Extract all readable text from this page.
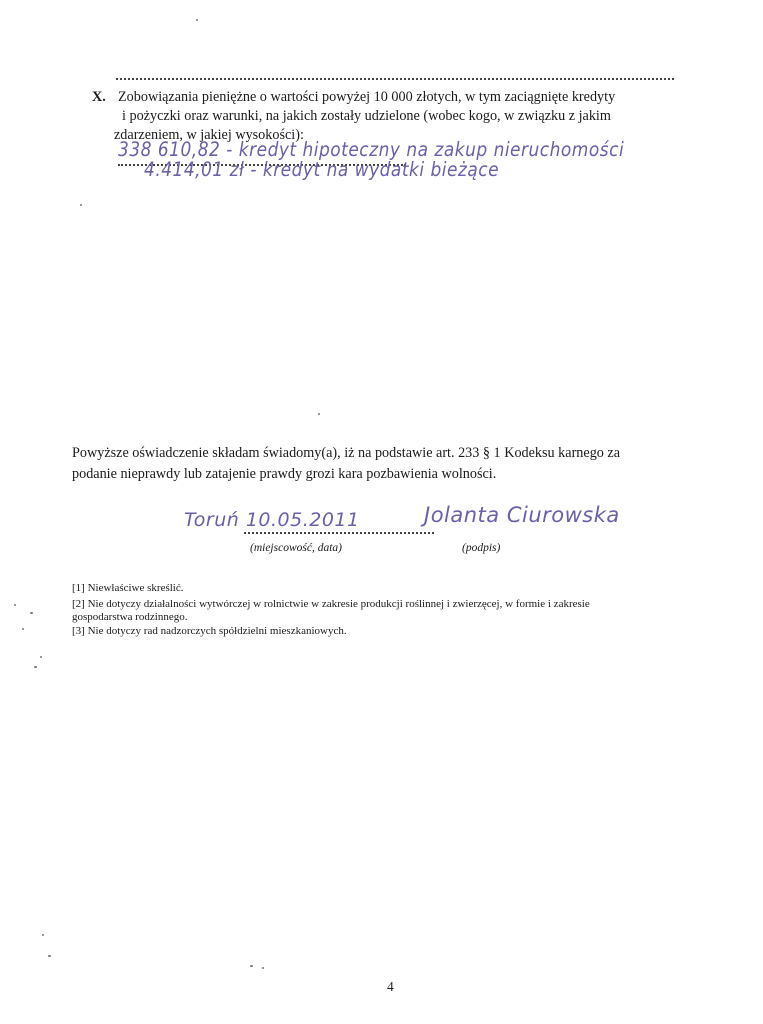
X. Zobowiązania pieniężne o wartości powyżej 10 000 złotych, w tym zaciągnięte kredyty
i pożyczki oraz warunki, na jakich zostały udzielone (wobec kogo, w związku z jakim
zdarzeniem, w jakiej wysokości):
338 610,82 - kredyt hipoteczny na zakup nieruchomości
4.414,01 zł - kredyt na wydatki bieżące
Powyższe oświadczenie składam świadomy(a), iż na podstawie art. 233 § 1 Kodeksu karnego za
podanie nieprawdy lub zatajenie prawdy grozi kara pozbawienia wolności.
Toruń 10.05.2011	Jolanta Ciurowska
(miejscowość, data)	(podpis)
[1] Niewłaściwe skreślić.
[2] Nie dotyczy działalności wytwórczej w rolnictwie w zakresie produkcji roślinnej i zwierzęcej, w formie i zakresie
gospodarstwa rodzinnego.
[3] Nie dotyczy rad nadzorczych spółdzielni mieszkaniowych.
4
